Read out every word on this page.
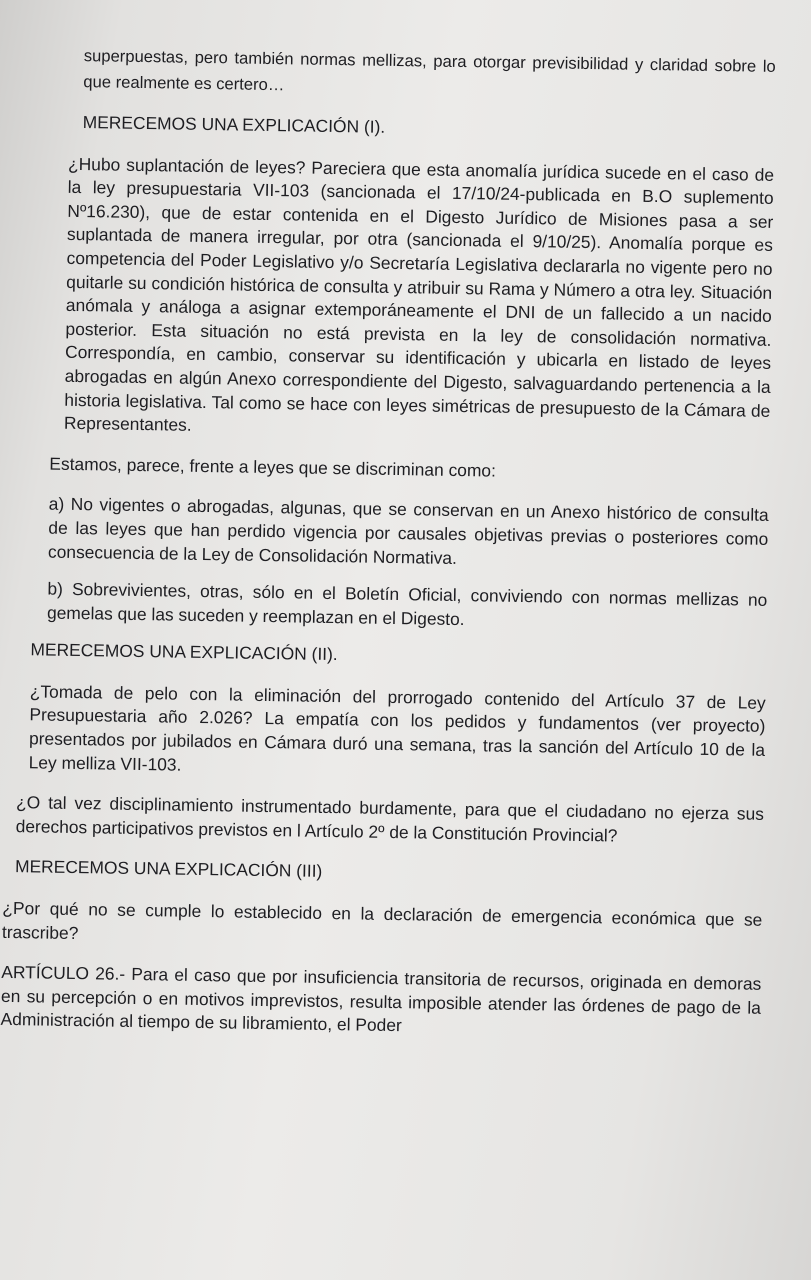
superpuestas, pero también normas mellizas, para otorgar previsibilidad y claridad sobre lo que realmente es certero…

MERECEMOS UNA EXPLICACIÓN (I).

¿Hubo suplantación de leyes? Pareciera que esta anomalía jurídica sucede en el caso de la ley presupuestaria VII-103 (sancionada el 17/10/24-publicada en B.O suplemento Nº16.230), que de estar contenida en el Digesto Jurídico de Misiones pasa a ser suplantada de manera irregular, por otra (sancionada el 9/10/25). Anomalía porque es competencia del Poder Legislativo y/o Secretaría Legislativa declararla no vigente pero no quitarle su condición histórica de consulta y atribuir su Rama y Número a otra ley. Situación anómala y análoga a asignar extemporáneamente el DNI de un fallecido a un nacido posterior. Esta situación no está prevista en la ley de consolidación normativa. Correspondía, en cambio, conservar su identificación y ubicarla en listado de leyes abrogadas en algún Anexo correspondiente del Digesto, salvaguardando pertenencia a la historia legislativa. Tal como se hace con leyes simétricas de presupuesto de la Cámara de Representantes.

Estamos, parece, frente a leyes que se discriminan como:

a) No vigentes o abrogadas, algunas, que se conservan en un Anexo histórico de consulta de las leyes que han perdido vigencia por causales objetivas previas o posteriores como consecuencia de la Ley de Consolidación Normativa.

b) Sobrevivientes, otras, sólo en el Boletín Oficial, conviviendo con normas mellizas no gemelas que las suceden y reemplazan en el Digesto.

MERECEMOS UNA EXPLICACIÓN (II).

¿Tomada de pelo con la eliminación del prorrogado contenido del Artículo 37 de Ley Presupuestaria año 2.026? La empatía con los pedidos y fundamentos (ver proyecto) presentados por jubilados en Cámara duró una semana, tras la sanción del Artículo 10 de la Ley melliza VII-103.

¿O tal vez disciplinamiento instrumentado burdamente, para que el ciudadano no ejerza sus derechos participativos previstos en l Artículo 2º de la Constitución Provincial?

MERECEMOS UNA EXPLICACIÓN (III)

¿Por qué no se cumple lo establecido en la declaración de emergencia económica que se trascribe?

ARTÍCULO 26.- Para el caso que por insuficiencia transitoria de recursos, originada en demoras en su percepción o en motivos imprevistos, resulta imposible atender las órdenes de pago de la Administración al tiempo de su libramiento, el Poder
